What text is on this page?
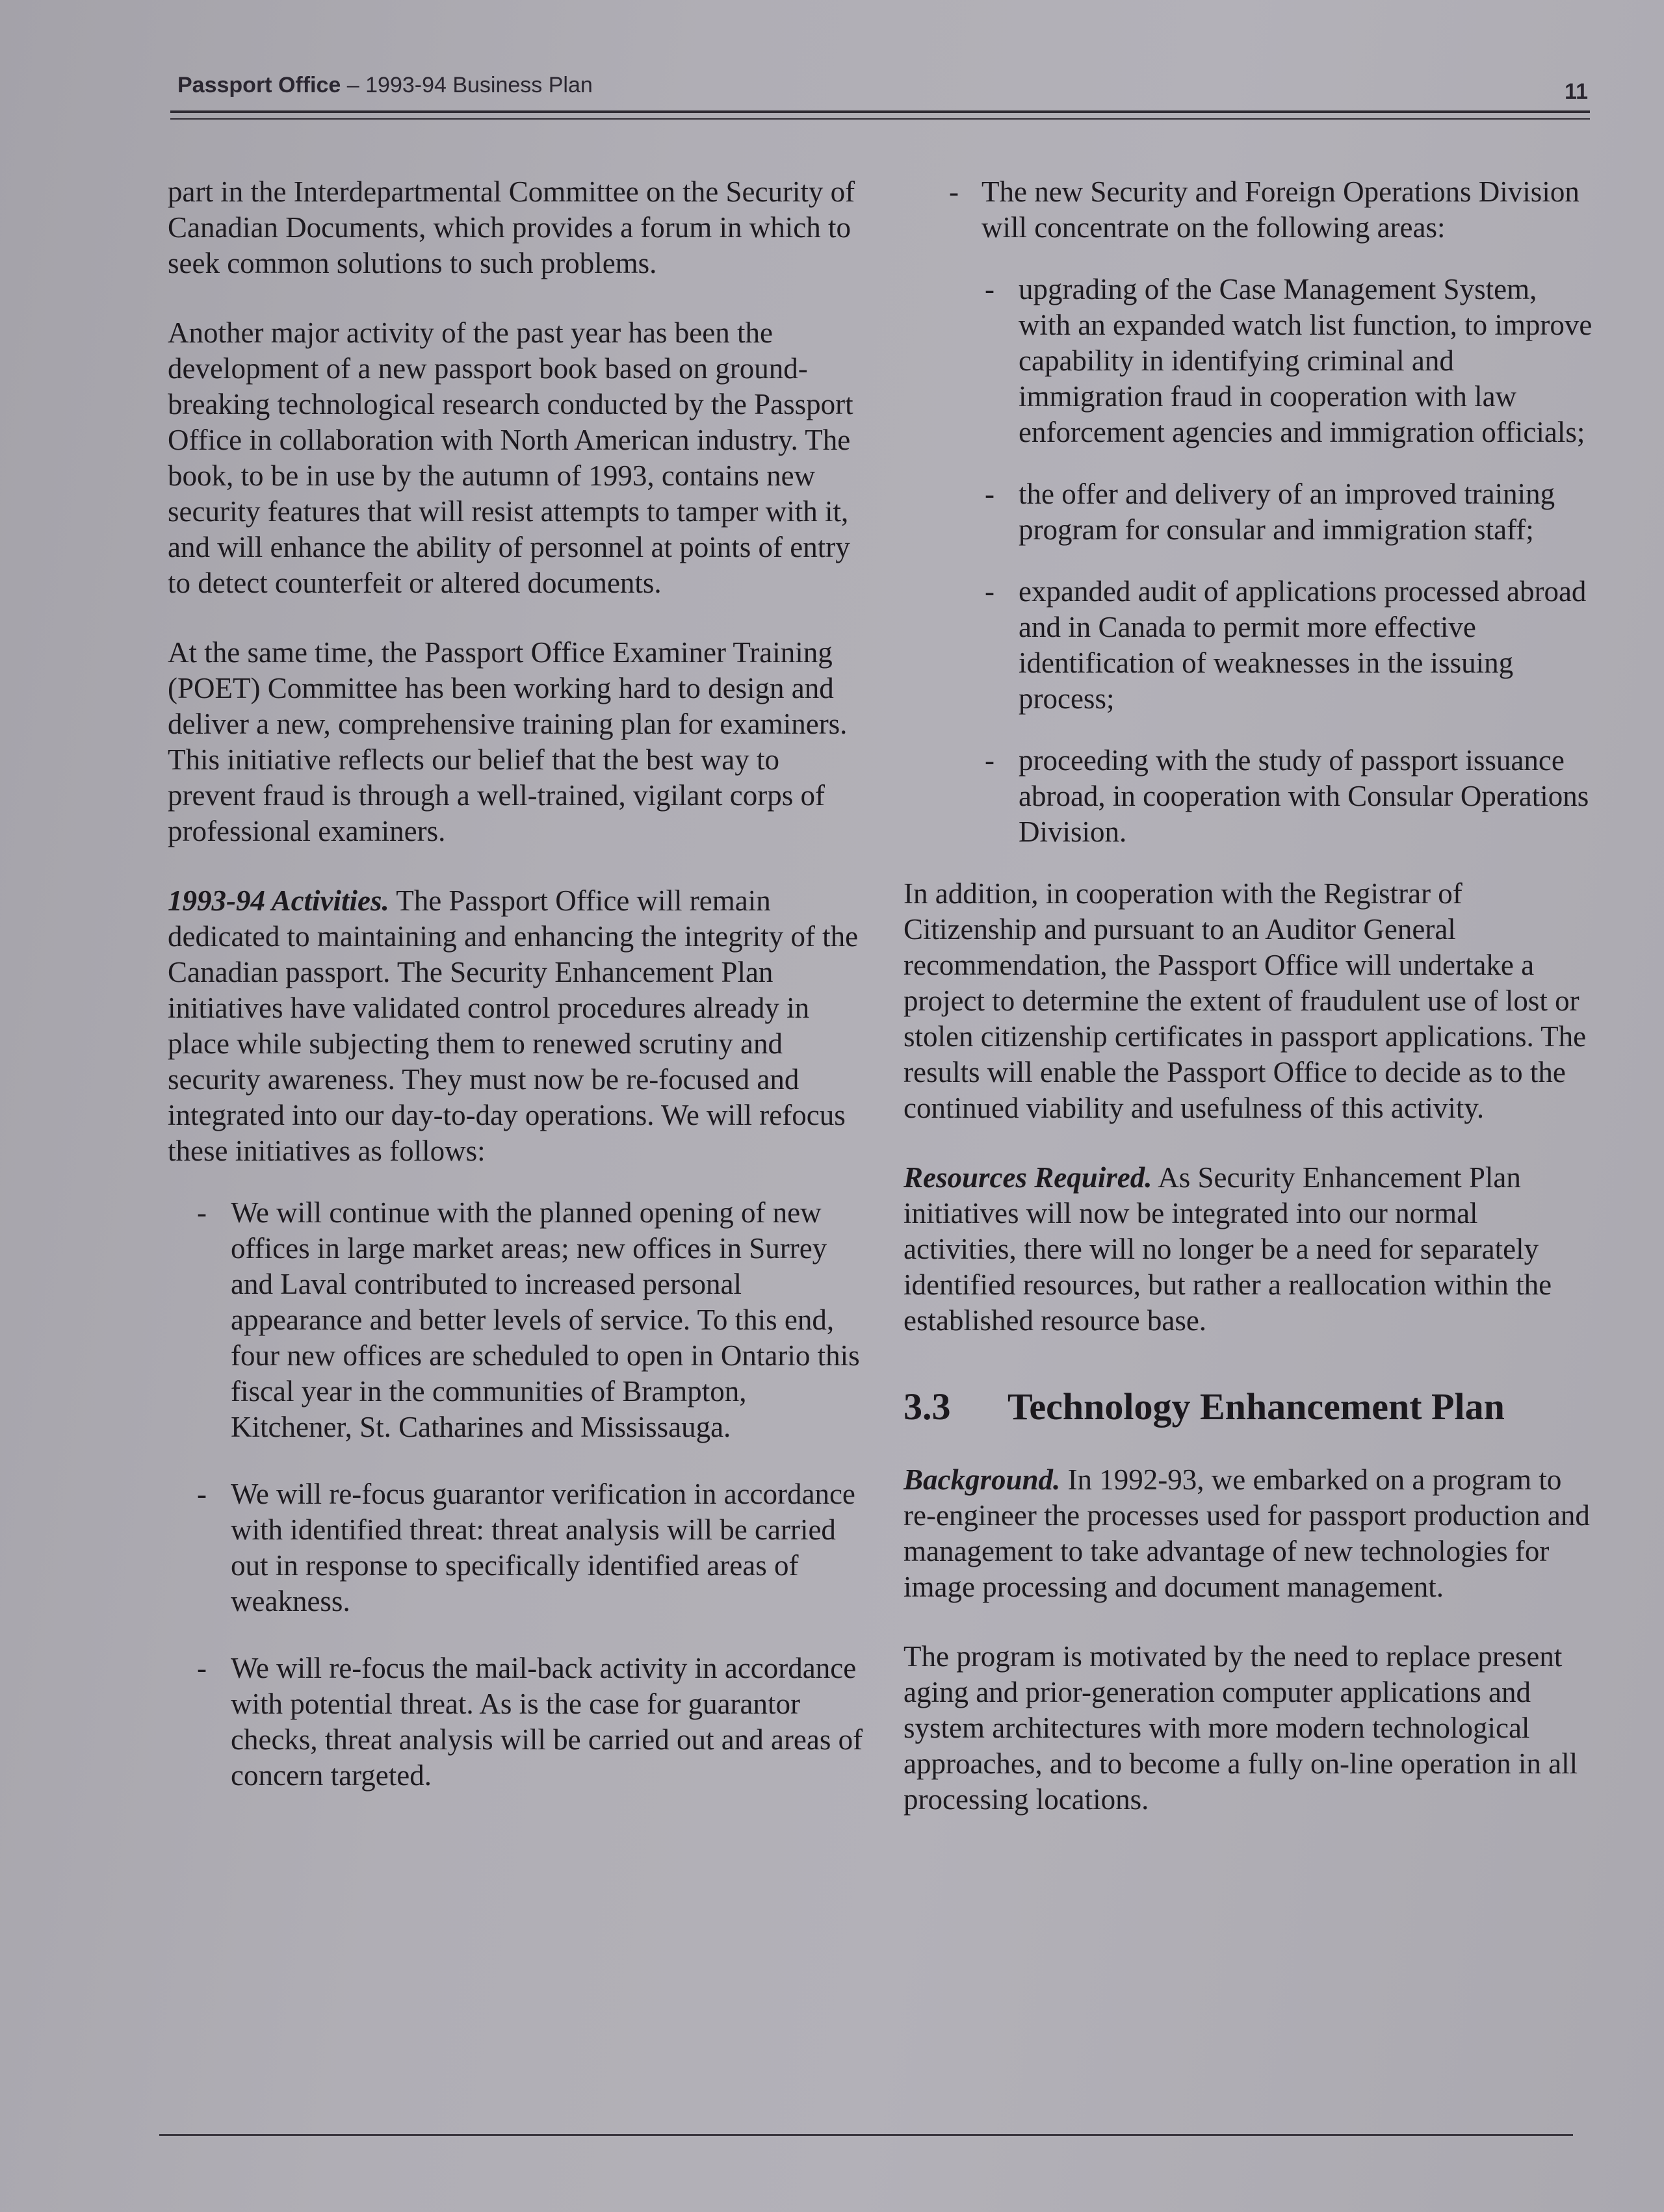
Passport Office – 1993-94 Business Plan	11

part in the Interdepartmental Committee on the Security of Canadian Documents, which provides a forum in which to seek common solutions to such problems.

Another major activity of the past year has been the development of a new passport book based on ground-breaking technological research conducted by the Passport Office in collaboration with North American industry. The book, to be in use by the autumn of 1993, contains new security features that will resist attempts to tamper with it, and will enhance the ability of personnel at points of entry to detect counterfeit or altered documents.

At the same time, the Passport Office Examiner Training (POET) Committee has been working hard to design and deliver a new, comprehensive training plan for examiners. This initiative reflects our belief that the best way to prevent fraud is through a well-trained, vigilant corps of professional examiners.

1993-94 Activities. The Passport Office will remain dedicated to maintaining and enhancing the integrity of the Canadian passport. The Security Enhancement Plan initiatives have validated control procedures already in place while subjecting them to renewed scrutiny and security awareness. They must now be re-focused and integrated into our day-to-day operations. We will refocus these initiatives as follows:

- We will continue with the planned opening of new offices in large market areas; new offices in Surrey and Laval contributed to increased personal appearance and better levels of service. To this end, four new offices are scheduled to open in Ontario this fiscal year in the communities of Brampton, Kitchener, St. Catharines and Mississauga.
- We will re-focus guarantor verification in accordance with identified threat: threat analysis will be carried out in response to specifically identified areas of weakness.
- We will re-focus the mail-back activity in accordance with potential threat. As is the case for guarantor checks, threat analysis will be carried out and areas of concern targeted.
- The new Security and Foreign Operations Division will concentrate on the following areas:
- upgrading of the Case Management System, with an expanded watch list function, to improve capability in identifying criminal and immigration fraud in cooperation with law enforcement agencies and immigration officials;
- the offer and delivery of an improved training program for consular and immigration staff;
- expanded audit of applications processed abroad and in Canada to permit more effective identification of weaknesses in the issuing process;
- proceeding with the study of passport issuance abroad, in cooperation with Consular Operations Division.

In addition, in cooperation with the Registrar of Citizenship and pursuant to an Auditor General recommendation, the Passport Office will undertake a project to determine the extent of fraudulent use of lost or stolen citizenship certificates in passport applications. The results will enable the Passport Office to decide as to the continued viability and usefulness of this activity.

Resources Required. As Security Enhancement Plan initiatives will now be integrated into our normal activities, there will no longer be a need for separately identified resources, but rather a reallocation within the established resource base.

3.3 Technology Enhancement Plan

Background. In 1992-93, we embarked on a program to re-engineer the processes used for passport production and management to take advantage of new technologies for image processing and document management.

The program is motivated by the need to replace present aging and prior-generation computer applications and system architectures with more modern technological approaches, and to become a fully on-line operation in all processing locations.
